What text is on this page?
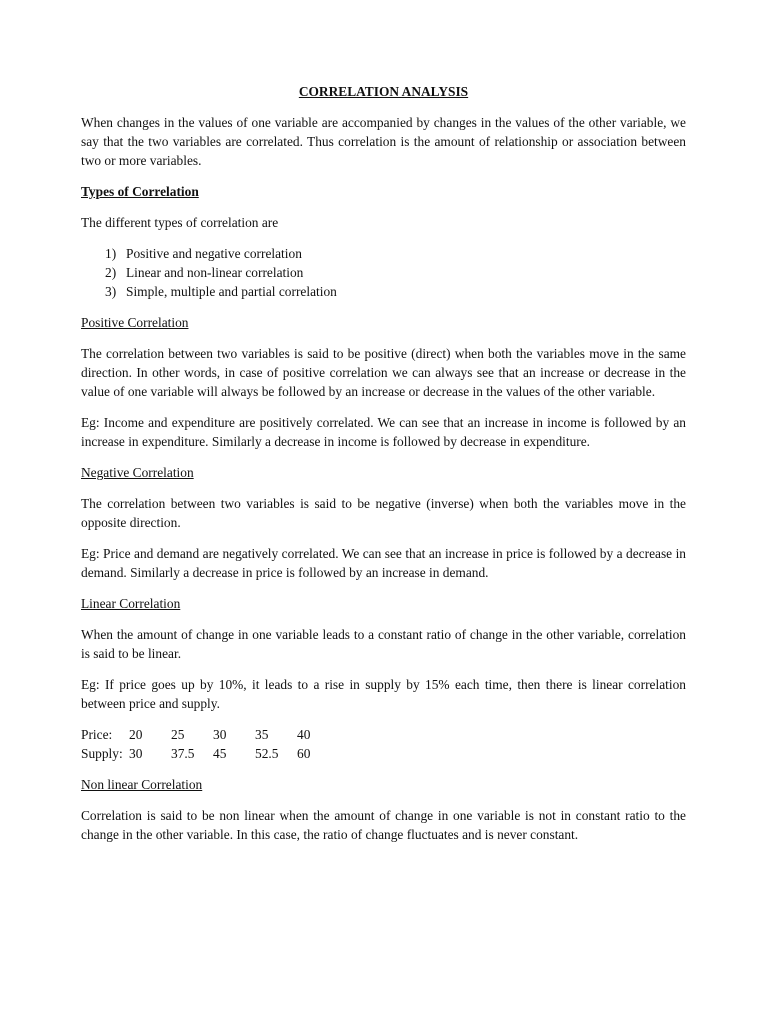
CORRELATION ANALYSIS

When changes in the values of one variable are accompanied by changes in the values of the other variable, we say that the two variables are correlated. Thus correlation is the amount of relationship or association between two or more variables.

Types of Correlation

The different types of correlation are

1) Positive and negative correlation
2) Linear and non-linear correlation
3) Simple, multiple and partial correlation
Positive Correlation

The correlation between two variables is said to be positive (direct) when both the variables move in the same direction. In other words, in case of positive correlation we can always see that an increase or decrease in the value of one variable will always be followed by an increase or decrease in the values of the other variable.

Eg: Income and expenditure are positively correlated. We can see that an increase in income is followed by an increase in expenditure. Similarly a decrease in income is followed by decrease in expenditure.

Negative Correlation

The correlation between two variables is said to be negative (inverse) when both the variables move in the opposite direction.

Eg: Price and demand are negatively correlated. We can see that an increase in price is followed by a decrease in demand. Similarly a decrease in price is followed by an increase in demand.

Linear Correlation

When the amount of change in one variable leads to a constant ratio of change in the other variable, correlation is said to be linear.

Eg: If price goes up by 10%, it leads to a rise in supply by 15% each time, then there is linear correlation between price and supply.

Price:	20	25	30	35	40
Supply:	30	37.5	45	52.5	60
Non linear Correlation

Correlation is said to be non linear when the amount of change in one variable is not in constant ratio to the change in the other variable. In this case, the ratio of change fluctuates and is never constant.
